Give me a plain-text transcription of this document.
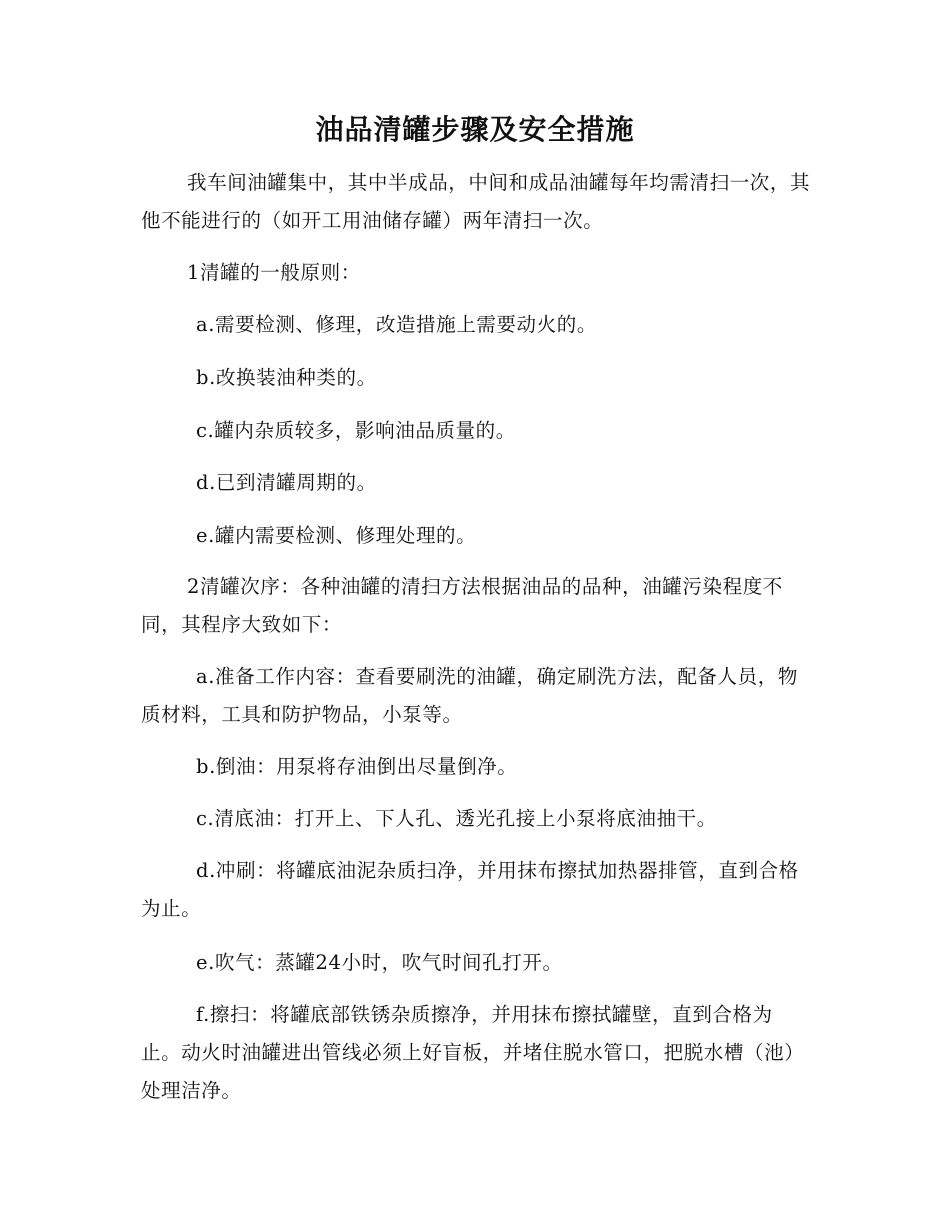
油品清罐步骤及安全措施

我车间油罐集中，其中半成品，中间和成品油罐每年均需清扫一次，其他不能进行的（如开工用油储存罐）两年清扫一次。

1清罐的一般原则：

a.需要检测、修理，改造措施上需要动火的。

b.改换装油种类的。

c.罐内杂质较多，影响油品质量的。

d.已到清罐周期的。

e.罐内需要检测、修理处理的。

2清罐次序：各种油罐的清扫方法根据油品的品种，油罐污染程度不同，其程序大致如下：

a.准备工作内容：查看要刷洗的油罐，确定刷洗方法，配备人员，物质材料，工具和防护物品，小泵等。

b.倒油：用泵将存油倒出尽量倒净。

c.清底油：打开上、下人孔、透光孔接上小泵将底油抽干。

d.冲刷：将罐底油泥杂质扫净，并用抹布擦拭加热器排管，直到合格为止。

e.吹气：蒸罐24小时，吹气时间孔打开。

f.擦扫：将罐底部铁锈杂质擦净，并用抹布擦拭罐壁，直到合格为止。动火时油罐进出管线必须上好盲板，并堵住脱水管口，把脱水槽（池）处理洁净。
